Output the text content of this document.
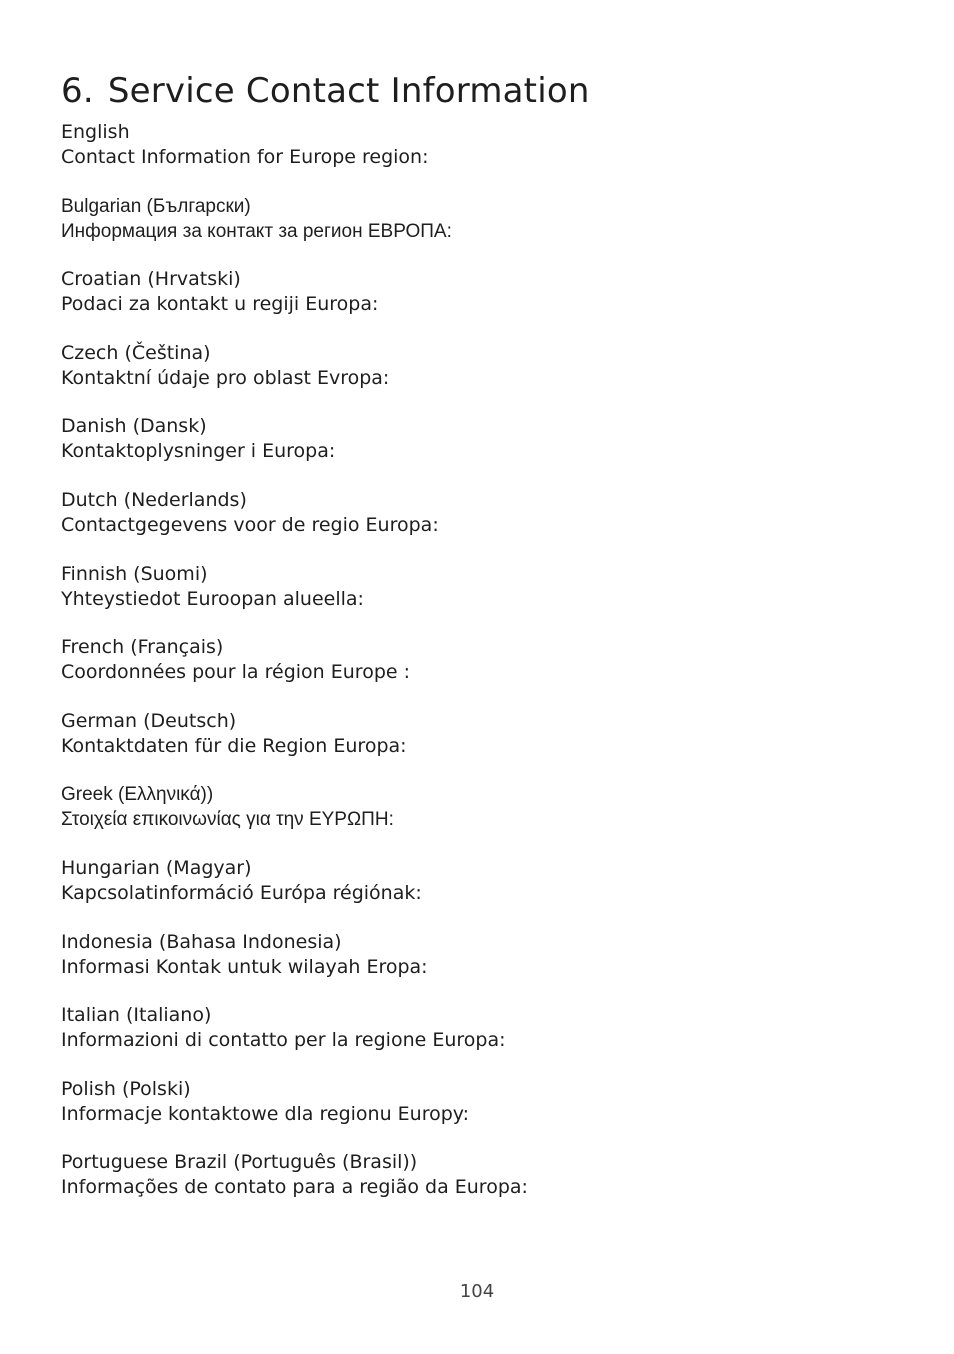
6. Service Contact Information
English
Contact Information for Europe region:
Bulgarian (Български)
Информация за контакт за регион ЕВРОПА:
Croatian (Hrvatski)
Podaci za kontakt u regiji Europa:
Czech (Čeština)
Kontaktní údaje pro oblast Evropa:
Danish (Dansk)
Kontaktoplysninger i Europa:
Dutch (Nederlands)
Contactgegevens voor de regio Europa:
Finnish (Suomi)
Yhteystiedot Euroopan alueella:
French (Français)
Coordonnées pour la région Europe :
German (Deutsch)
Kontaktdaten für die Region Europa:
Greek (Ελληνικά))
Στοιχεία επικοινωνίας για την ΕΥΡΩΠΗ:
Hungarian (Magyar)
Kapcsolatinformáció Európa régiónak:
Indonesia (Bahasa Indonesia)
Informasi Kontak untuk wilayah Eropa:
Italian (Italiano)
Informazioni di contatto per la regione Europa:
Polish (Polski)
Informacje kontaktowe dla regionu Europy:
Portuguese Brazil (Português (Brasil))
Informações de contato para a região da Europa:
104
